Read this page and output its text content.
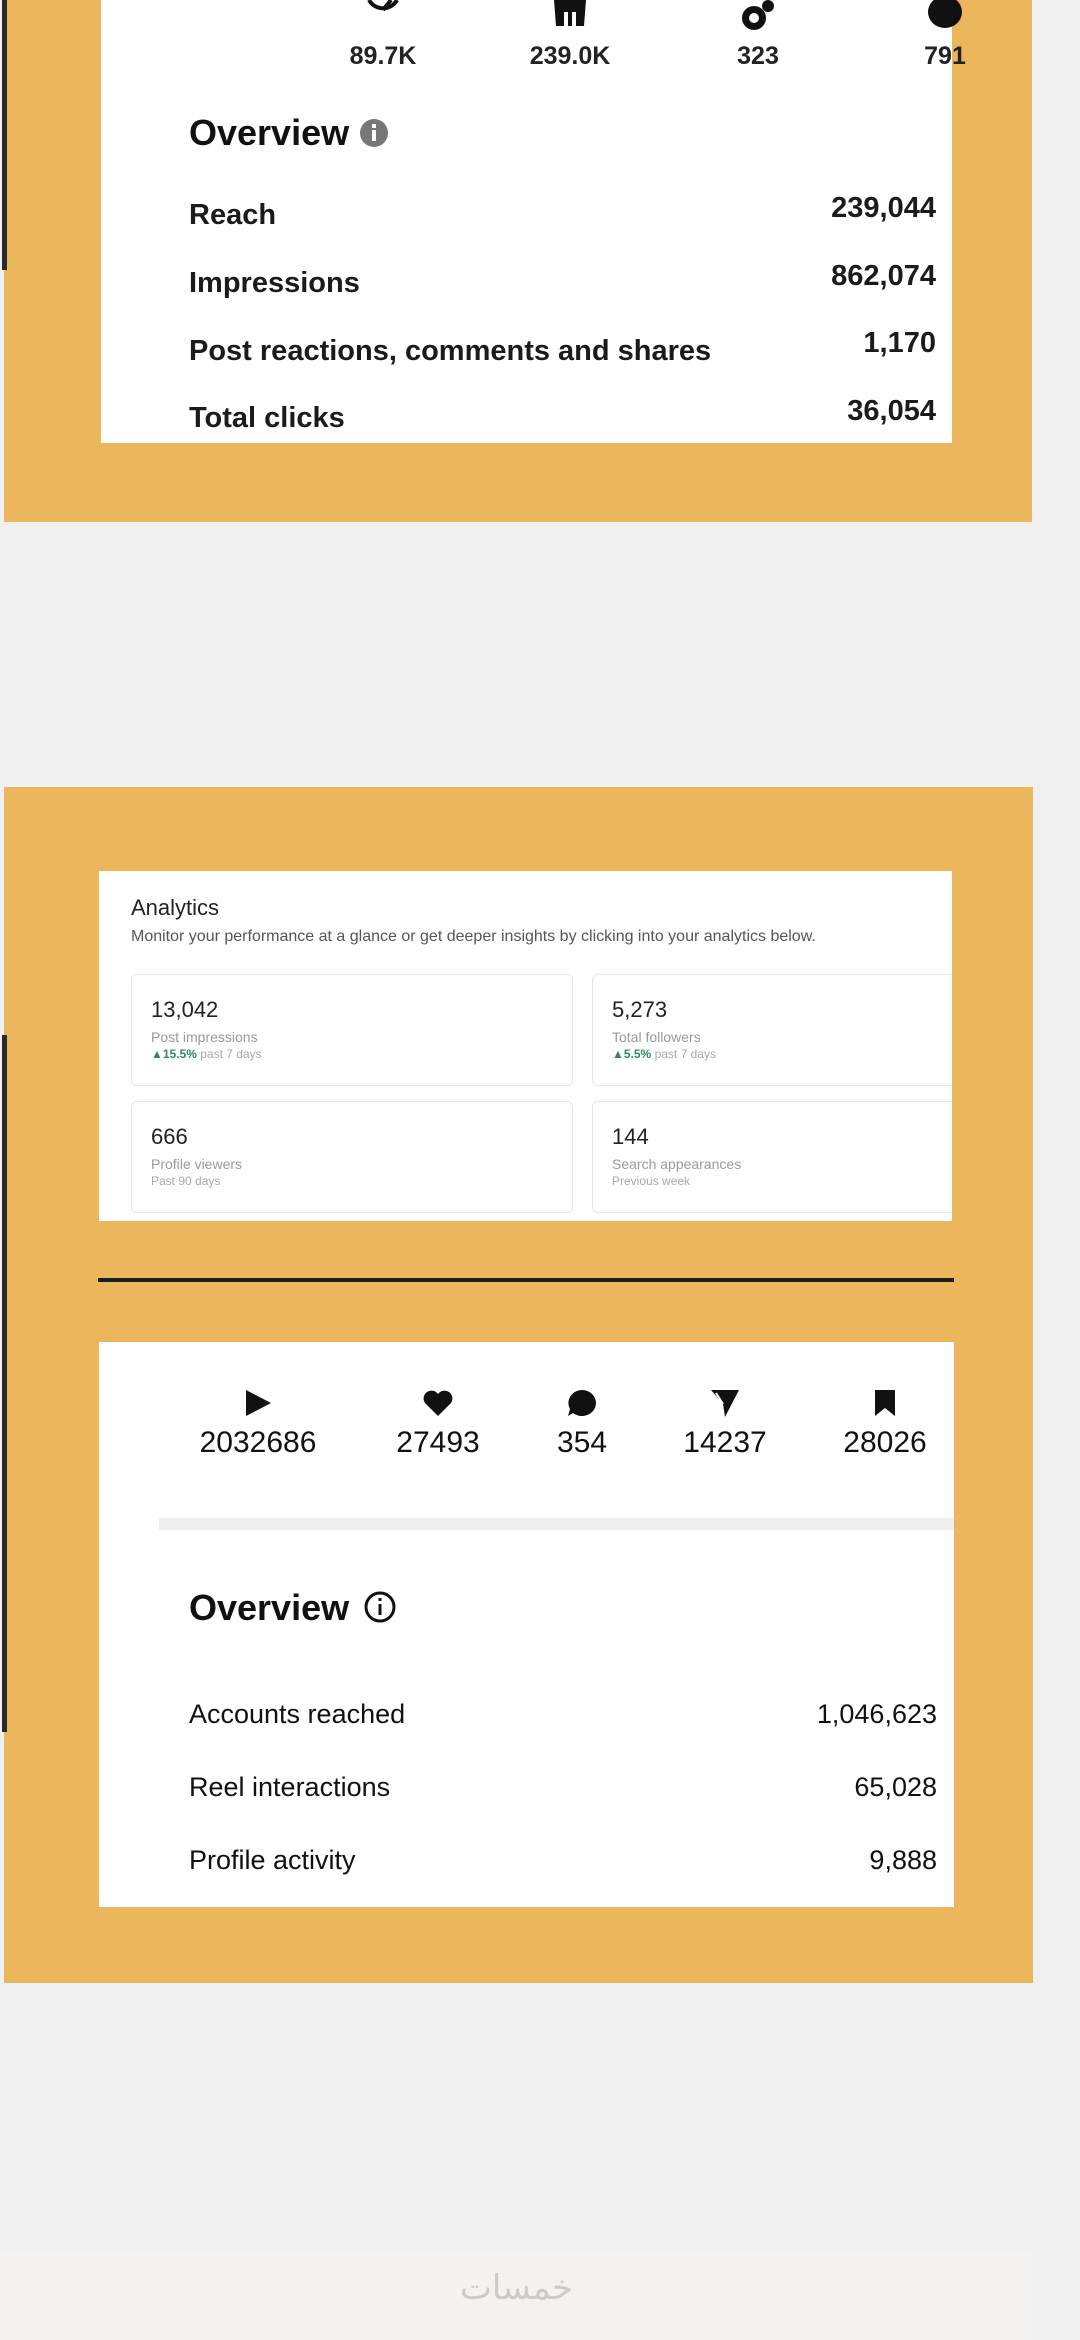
89.7K	239.0K	323	791
Overview
Reach	239,044
Impressions	862,074
Post reactions, comments and shares	1,170
Total clicks	36,054
Analytics
Monitor your performance at a glance or get deeper insights by clicking into your analytics below.
13,042
Post impressions
▲15.5% past 7 days
5,273
Total followers
▲5.5% past 7 days
666
Profile viewers
Past 90 days
144
Search appearances
Previous week
2032686	27493	354	14237	28026
Overview
Accounts reached	1,046,623
Reel interactions	65,028
Profile activity	9,888
خمسات
